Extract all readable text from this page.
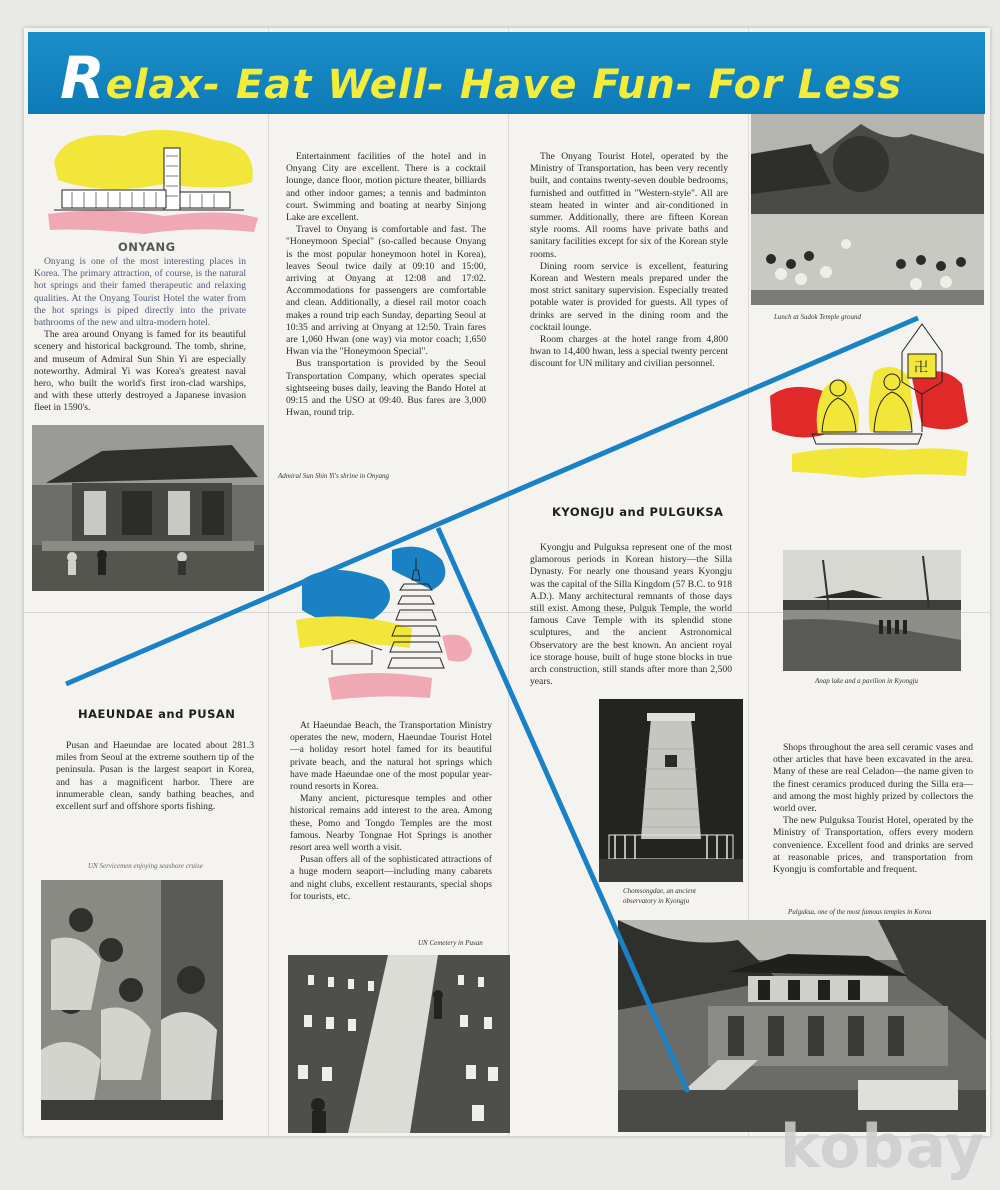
Relax- Eat Well- Have Fun- For Less
ONYANG

Onyang is one of the most interesting places in Korea. The primary attraction, of course, is the natural hot springs and their famed therapeutic and relaxing qualities. At the Onyang Tourist Hotel the water from the hot springs is piped directly into the private bathrooms of the new and ultra-modern hotel.

The area around Onyang is famed for its beautiful scenery and historical background. The tomb, shrine, and museum of Admiral Sun Shin Yi are especially noteworthy. Admiral Yi was Korea's greatest naval hero, who built the world's first iron-clad warships, and with these utterly destroyed a Japanese invasion fleet in 1590's.

Admiral Sun Shin Yi's shrine in Onyang

Entertainment facilities of the hotel and in Onyang City are excellent. There is a cocktail lounge, dance floor, motion picture theater, billiards and other indoor games; a tennis and badminton court. Swimming and boating at nearby Sinjong Lake are excellent.

Travel to Onyang is comfortable and fast. The "Honeymoon Special" (so-called because Onyang is the most popular honeymoon hotel in Korea), leaves Seoul twice daily at 09:10 and 15:00, arriving at Onyang at 12:08 and 17:02. Accommodations for passengers are comfortable and clean. Additionally, a diesel rail motor coach makes a round trip each Sunday, departing Seoul at 10:35 and arriving at Onyang at 12:50. Train fares are 1,060 Hwan (one way) via motor coach; 1,650 Hwan via the "Honeymoon Special".

Bus transportation is provided by the Seoul Transportation Company, which operates special sightseeing buses daily, leaving the Bando Hotel at 09:15 and the USO at 09:40. Bus fares are 3,000 Hwan, round trip.

The Onyang Tourist Hotel, operated by the Ministry of Transportation, has been very recently built, and contains twenty-seven double bedrooms, furnished and outfitted in "Western-style". All are steam heated in winter and air-conditioned in summer. Additionally, there are fifteen Korean style rooms. All rooms have private baths and sanitary facilities except for six of the Korean style rooms.

Dining room service is excellent, featuring Korean and Western meals prepared under the most strict sanitary supervision. Especially treated potable water is provided for guests. All types of drinks are served in the dining room and the cocktail lounge.

Room charges at the hotel range from 4,800 hwan to 14,400 hwan, less a special twenty percent discount for UN military and civilian personnel.

Lunch at Sudok Temple ground
卍
KYONGJU and PULGUKSA

Kyongju and Pulguksa represent one of the most glamorous periods in Korean history—the Silla Dynasty. For nearly one thousand years Kyongju was the capital of the Silla Kingdom (57 B.C. to 918 A.D.). Many architectural remnants of those days still exist. Among these, Pulguk Temple, the world famous Cave Temple with its splendid stone sculptures, and the ancient Astronomical Observatory are the best known. An ancient royal ice storage house, built of huge stone blocks in true arch construction, still stands after more than 2,500 years.	Anap lake and a pavilion in Kyongju
Chomsongdae, an ancient
observatory in Kyongju

Shops throughout the area sell ceramic vases and other articles that have been excavated in the area. Many of these are real Celadon—the name given to the finest ceramics produced during the Silla era—and among the most highly prized by collectors the world over.

The new Pulguksa Tourist Hotel, operated by the Ministry of Transportation, offers every modern convenience. Excellent food and drinks are served at reasonable prices, and transportation from Kyongju is comfortable and frequent.

Pulguksa, one of the most famous temples in Korea
HAEUNDAE and PUSAN

Pusan and Haeundae are located about 281.3 miles from Seoul at the extreme southern tip of the peninsula. Pusan is the largest seaport in Korea, and has a magnificent harbor. There are innumerable clean, sandy bathing beaches, and excellent surf and offshore sports fishing.

At Haeundae Beach, the Transportation Ministry operates the new, modern, Haeundae Tourist Hotel—a holiday resort hotel famed for its beautiful private beach, and the natural hot springs which have made Haeundae one of the most popular year-round resorts in Korea.

Many ancient, picturesque temples and other historical remains add interest to the area. Among these, Pomo and Tongdo Temples are the most famous. Nearby Tongnae Hot Springs is another resort area well worth a visit.

Pusan offers all of the sophisticated attractions of a huge modern seaport—including many cabarets and night clubs, excellent restaurants, special shops for tourists, etc.

UN Servicemen enjoying seashore cruise
UN Cemetery in Pusan
kobay
